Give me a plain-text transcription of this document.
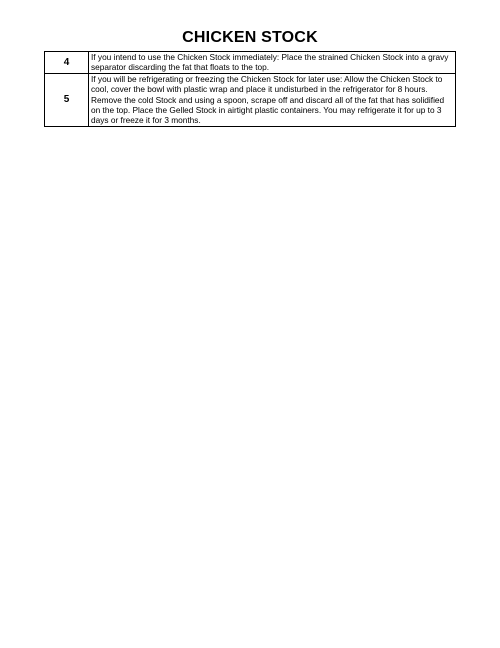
CHICKEN STOCK
4	If you intend to use the Chicken Stock immediately: Place the strained Chicken Stock into a gravy separator discarding the fat that floats to the top.
5	If you will be refrigerating or freezing the Chicken Stock for later use: Allow the Chicken Stock to cool, cover the bowl with plastic wrap and place it undisturbed in the refrigerator for 8 hours. Remove the cold Stock and using a spoon, scrape off and discard all of the fat that has solidified on the top. Place the Gelled Stock in airtight plastic containers. You may refrigerate it for up to 3 days or freeze it for 3 months.
